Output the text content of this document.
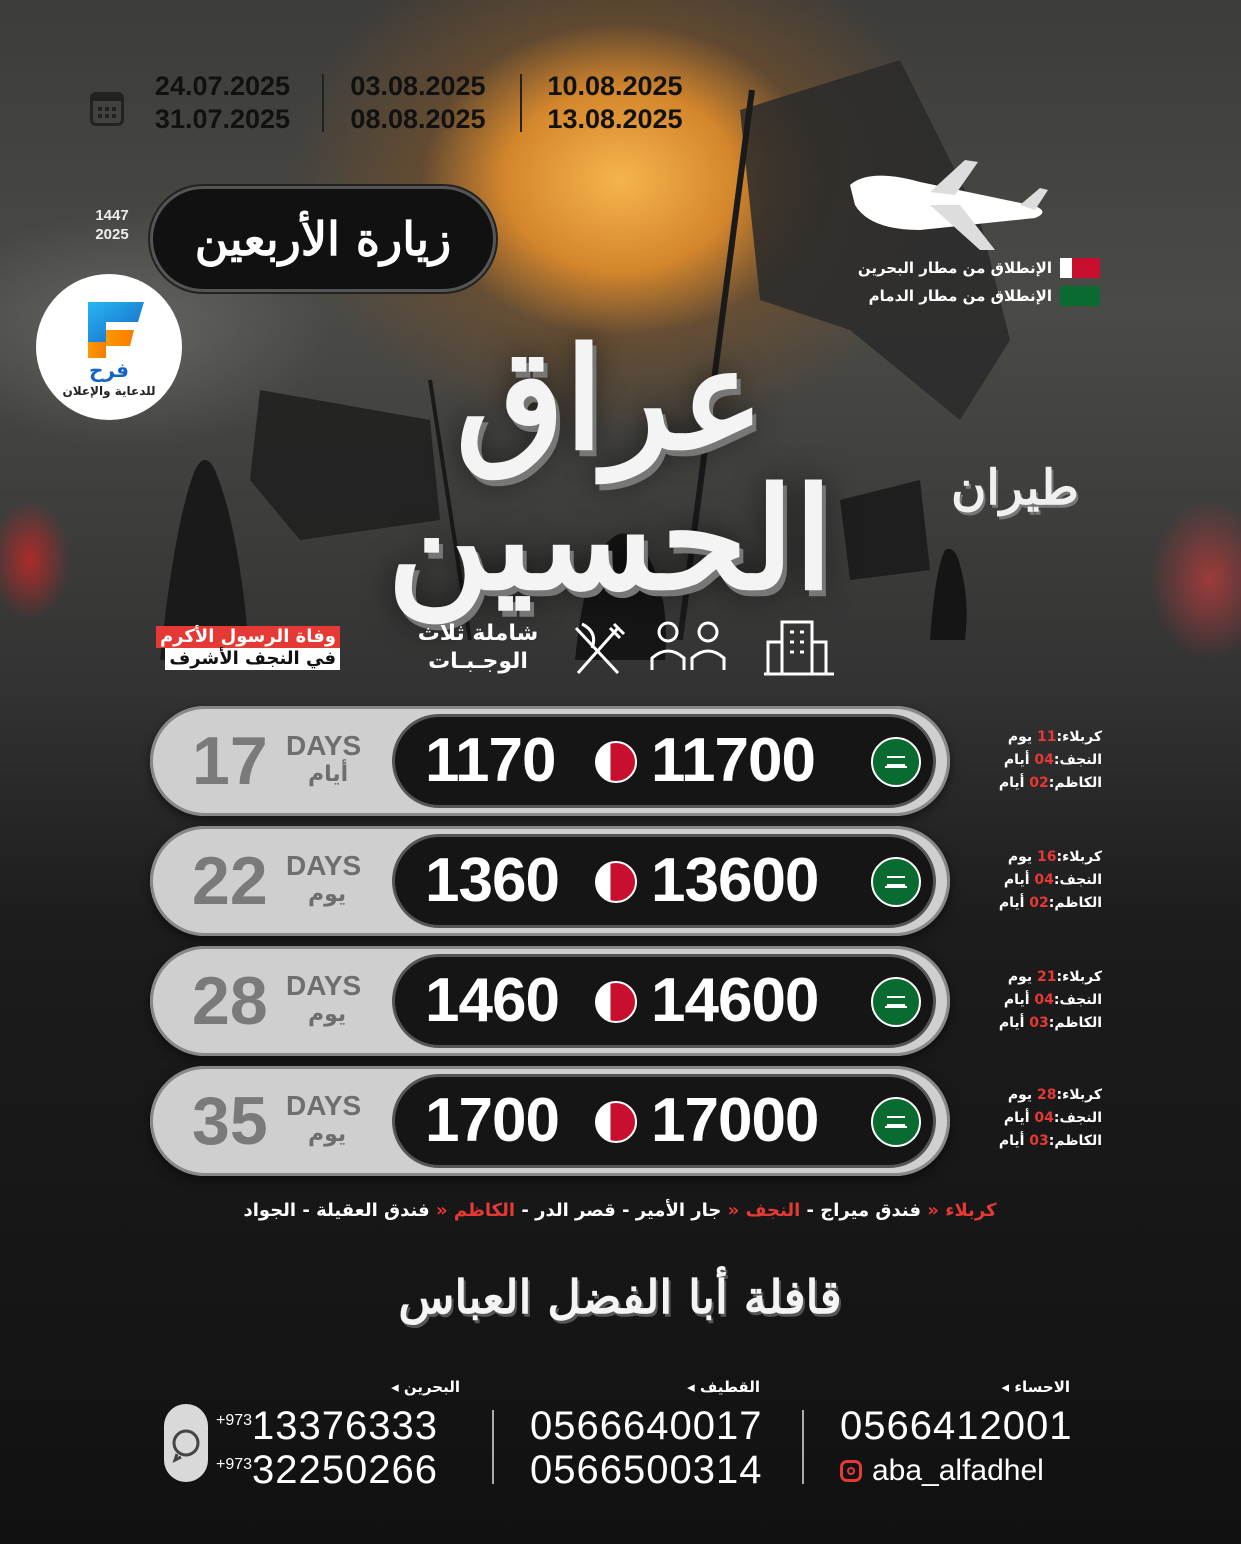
24.07.2025
31.07.2025
03.08.2025
08.08.2025
10.08.2025
13.08.2025
1447
2025	زيارة الأربعين
فرح
للدعاية والإعلان
الإنطلاق من مطار البحرين
الإنطلاق من مطار الدمام
عراق الحسين	طيران
وفاة الرسول الأكرم
في النجف الأشرف
شاملة ثلاث
الوجـبـات
17 DAYS
أيام 1170 11700	كربلاء:11 يوم
النجف:04 أيام
الكاظم:02 أيام
22 DAYS
يوم 1360 13600	كربلاء:16 يوم
النجف:04 أيام
الكاظم:02 أيام
28 DAYS
يوم 1460 14600	كربلاء:21 يوم
النجف:04 أيام
الكاظم:03 أيام
35 DAYS
يوم 1700 17000	كربلاء:28 يوم
النجف:04 أيام
الكاظم:03 أيام
كربلاء « فندق ميراج - النجف « جار الأمير - قصر الدر - الكاظم « فندق العقيلة - الجواد
قافلة أبا الفضل العباس
البحرين ◂
+973 13376333
+973 32250266
القطيف ◂
0566640017
0566500314
الاحساء ◂
0566412001
aba_alfadhel
